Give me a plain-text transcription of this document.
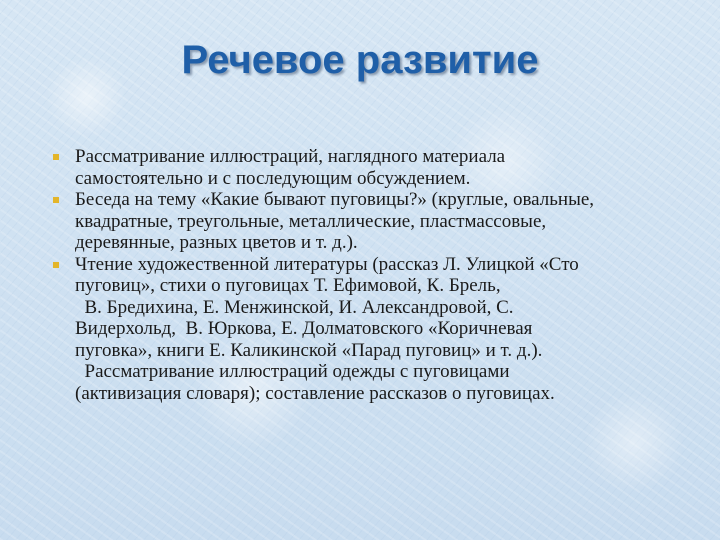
Речевое развитие
Рассматривание иллюстраций, наглядного материала
самостоятельно и с последующим обсуждением.
Беседа на тему «Какие бывают пуговицы?» (круглые, овальные,
квадратные, треугольные, металлические, пластмассовые,
деревянные, разных цветов и т. д.).
Чтение художественной литературы (рассказ Л. Улицкой «Сто
пуговиц», стихи о пуговицах Т. Ефимовой, К. Брель,
В. Бредихина, Е. Менжинской, И. Александровой, С.
Видерхольд,  В. Юркова, Е. Долматовского «Коричневая
пуговка», книги Е. Каликинской «Парад пуговиц» и т. д.).
Рассматривание иллюстраций одежды с пуговицами
(активизация словаря); составление рассказов о пуговицах.
